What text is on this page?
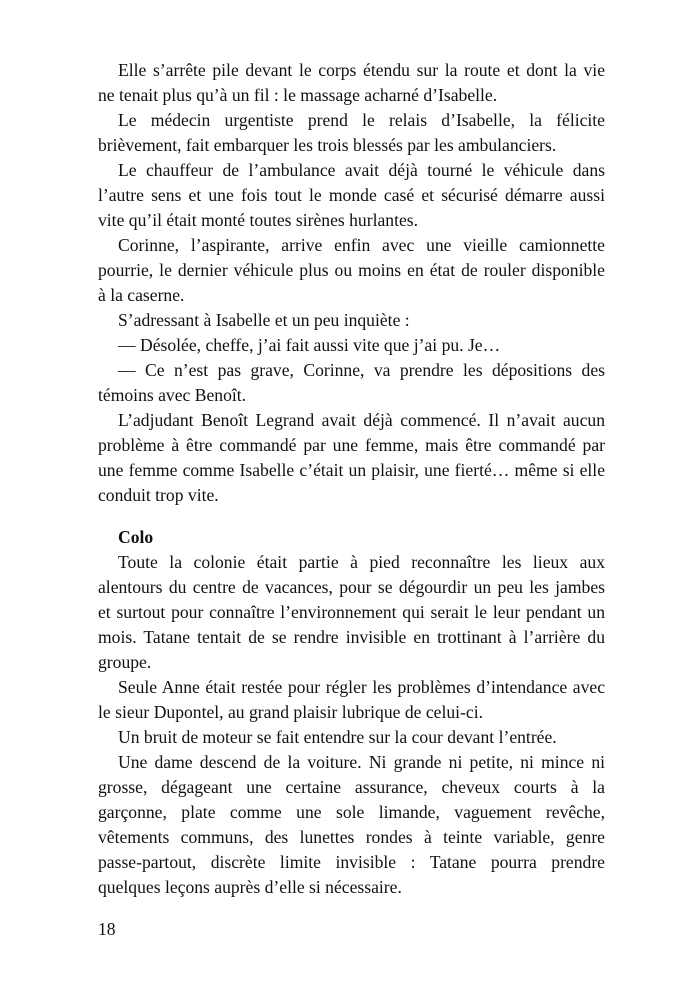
Elle s’arrête pile devant le corps étendu sur la route et dont la vie
ne tenait plus qu’à un fil : le massage acharné d’Isabelle.
Le médecin urgentiste prend le relais d’Isabelle, la félicite
brièvement, fait embarquer les trois blessés par les ambulanciers.
Le chauffeur de l’ambulance avait déjà tourné le véhicule dans
l’autre sens et une fois tout le monde casé et sécurisé démarre aussi
vite qu’il était monté toutes sirènes hurlantes.
Corinne, l’aspirante, arrive enfin avec une vieille camionnette
pourrie, le dernier véhicule plus ou moins en état de rouler disponible
à la caserne.
S’adressant à Isabelle et un peu inquiète :
— Désolée, cheffe, j’ai fait aussi vite que j’ai pu. Je…
— Ce n’est pas grave, Corinne, va prendre les dépositions des
témoins avec Benoît.
L’adjudant Benoît Legrand avait déjà commencé. Il n’avait aucun
problème à être commandé par une femme, mais être commandé par
une femme comme Isabelle c’était un plaisir, une fierté… même si elle
conduit trop vite.
Colo
Toute la colonie était partie à pied reconnaître les lieux aux
alentours du centre de vacances, pour se dégourdir un peu les jambes
et surtout pour connaître l’environnement qui serait le leur pendant un
mois. Tatane tentait de se rendre invisible en trottinant à l’arrière du
groupe.
Seule Anne était restée pour régler les problèmes d’intendance avec
le sieur Dupontel, au grand plaisir lubrique de celui-ci.
Un bruit de moteur se fait entendre sur la cour devant l’entrée.
Une dame descend de la voiture. Ni grande ni petite, ni mince ni
grosse, dégageant une certaine assurance, cheveux courts à la
garçonne, plate comme une sole limande, vaguement revêche,
vêtements communs, des lunettes rondes à teinte variable, genre
passe-partout, discrète limite invisible : Tatane pourra prendre
quelques leçons auprès d’elle si nécessaire.
18
